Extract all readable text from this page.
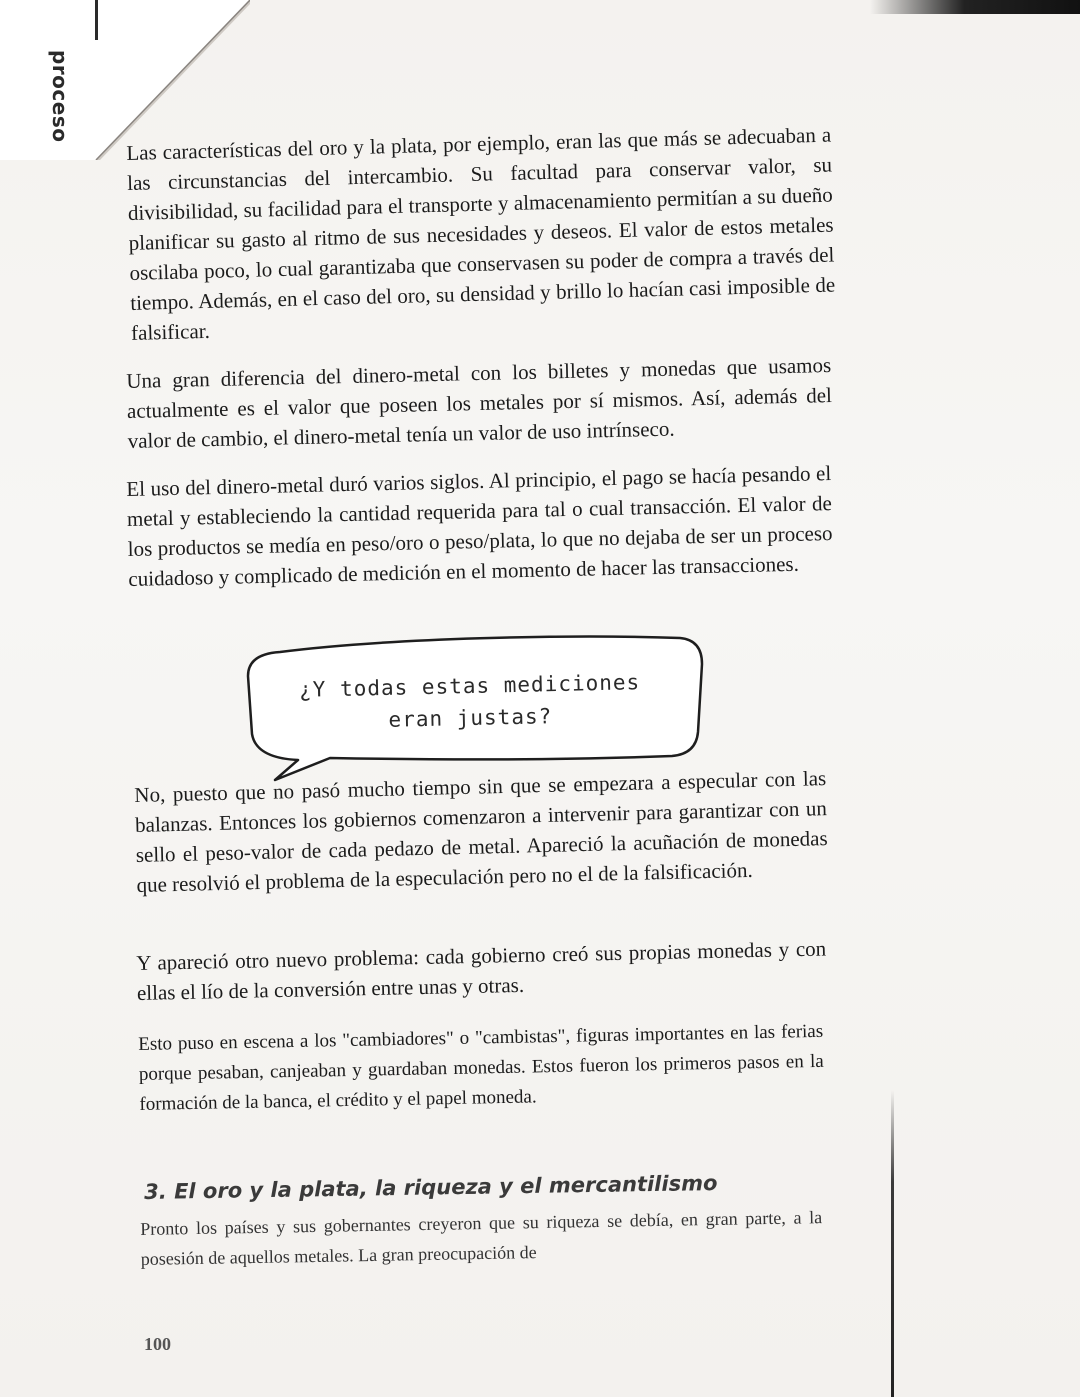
proceso

Las características del oro y la plata, por ejemplo, eran las que más se adecuaban a las circunstancias del intercambio. Su facultad para conservar valor, su divisibilidad, su facilidad para el transporte y almacenamiento permitían a su dueño planificar su gasto al ritmo de sus necesidades y deseos. El valor de estos metales oscilaba poco, lo cual garantizaba que conservasen su poder de compra a través del tiempo. Además, en el caso del oro, su densidad y brillo lo hacían casi imposible de falsificar.

Una gran diferencia del dinero-metal con los billetes y monedas que usamos actualmente es el valor que poseen los metales por sí mismos. Así, además del valor de cambio, el dinero-metal tenía un valor de uso intrínseco.

El uso del dinero-metal duró varios siglos. Al principio, el pago se hacía pesando el metal y estableciendo la cantidad requerida para tal o cual transacción. El valor de los productos se medía en peso/oro o peso/plata, lo que no dejaba de ser un proceso cuidadoso y complicado de medición en el momento de hacer las transacciones.

¿Y todas estas mediciones
eran justas?

No, puesto que no pasó mucho tiempo sin que se empezara a especular con las balanzas. Entonces los gobiernos comenzaron a intervenir para garantizar con un sello el peso-valor de cada pedazo de metal. Apareció la acuñación de monedas que resolvió el problema de la especulación pero no el de la falsificación.

Y apareció otro nuevo problema: cada gobierno creó sus propias monedas y con ellas el lío de la conversión entre unas y otras.

Esto puso en escena a los "cambiadores" o "cambistas", figuras importantes en las ferias porque pesaban, canjeaban y guardaban monedas. Estos fueron los primeros pasos en la formación de la banca, el crédito y el papel moneda.

3. El oro y la plata, la riqueza y el mercantilismo

Pronto los países y sus gobernantes creyeron que su riqueza se debía, en gran parte, a la posesión de aquellos metales. La gran preocupación de

100
